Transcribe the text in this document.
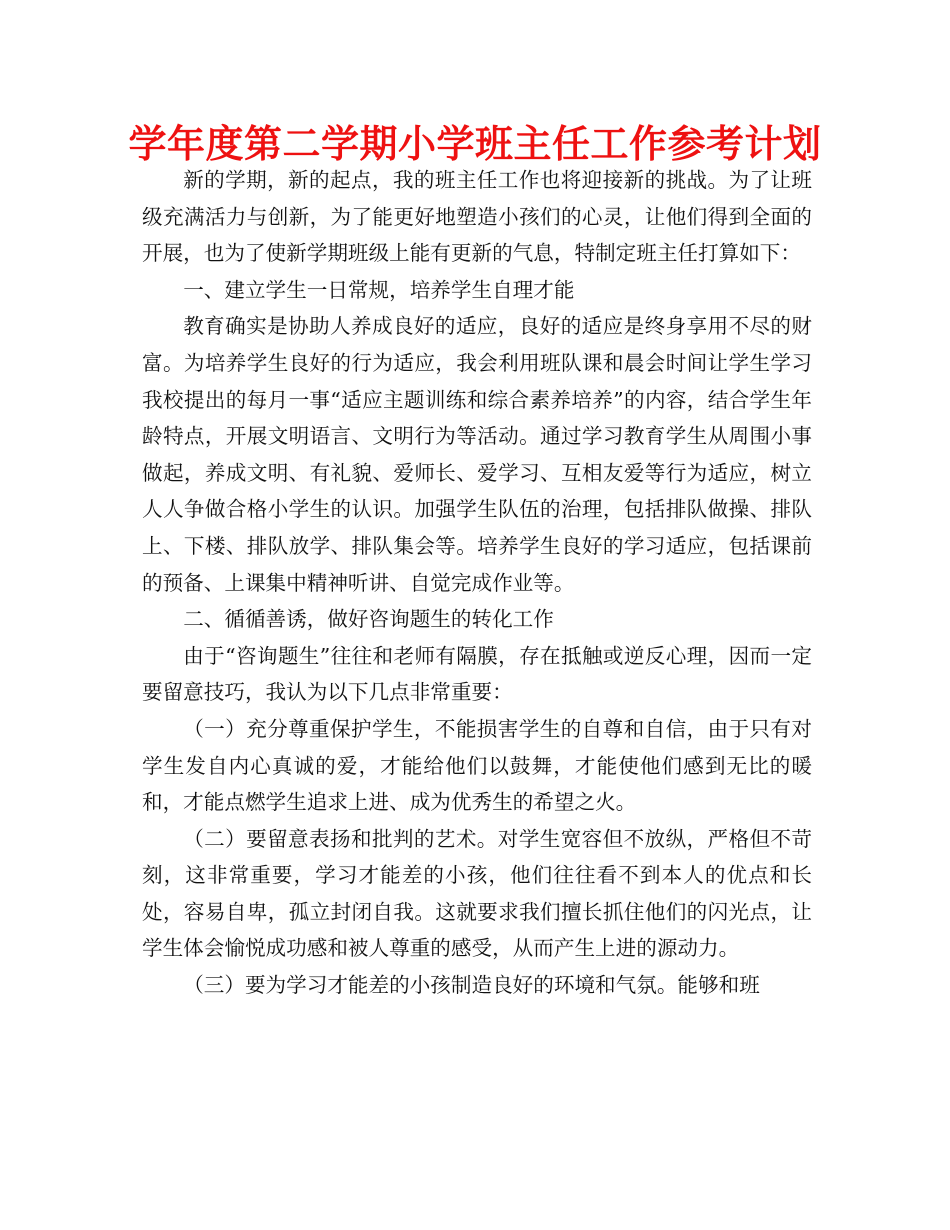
学年度第二学期小学班主任工作参考计划

新的学期，新的起点，我的班主任工作也将迎接新的挑战。为了让班级充满活力与创新，为了能更好地塑造小孩们的心灵，让他们得到全面的开展，也为了使新学期班级上能有更新的气息，特制定班主任打算如下：

一、建立学生一日常规，培养学生自理才能

教育确实是协助人养成良好的适应，良好的适应是终身享用不尽的财富。为培养学生良好的行为适应，我会利用班队课和晨会时间让学生学习我校提出的每月一事“适应主题训练和综合素养培养”的内容，结合学生年龄特点，开展文明语言、文明行为等活动。通过学习教育学生从周围小事做起，养成文明、有礼貌、爱师长、爱学习、互相友爱等行为适应，树立人人争做合格小学生的认识。加强学生队伍的治理，包括排队做操、排队上、下楼、排队放学、排队集会等。培养学生良好的学习适应，包括课前的预备、上课集中精神听讲、自觉完成作业等。

二、循循善诱，做好咨询题生的转化工作

由于“咨询题生”往往和老师有隔膜，存在抵触或逆反心理，因而一定要留意技巧，我认为以下几点非常重要：

（一）充分尊重保护学生，不能损害学生的自尊和自信，由于只有对学生发自内心真诚的爱，才能给他们以鼓舞，才能使他们感到无比的暖和，才能点燃学生追求上进、成为优秀生的希望之火。

（二）要留意表扬和批判的艺术。对学生宽容但不放纵，严格但不苛刻，这非常重要，学习才能差的小孩，他们往往看不到本人的优点和长处，容易自卑，孤立封闭自我。这就要求我们擅长抓住他们的闪光点，让学生体会愉悦成功感和被人尊重的感受，从而产生上进的源动力。

（三）要为学习才能差的小孩制造良好的环境和气氛。能够和班
